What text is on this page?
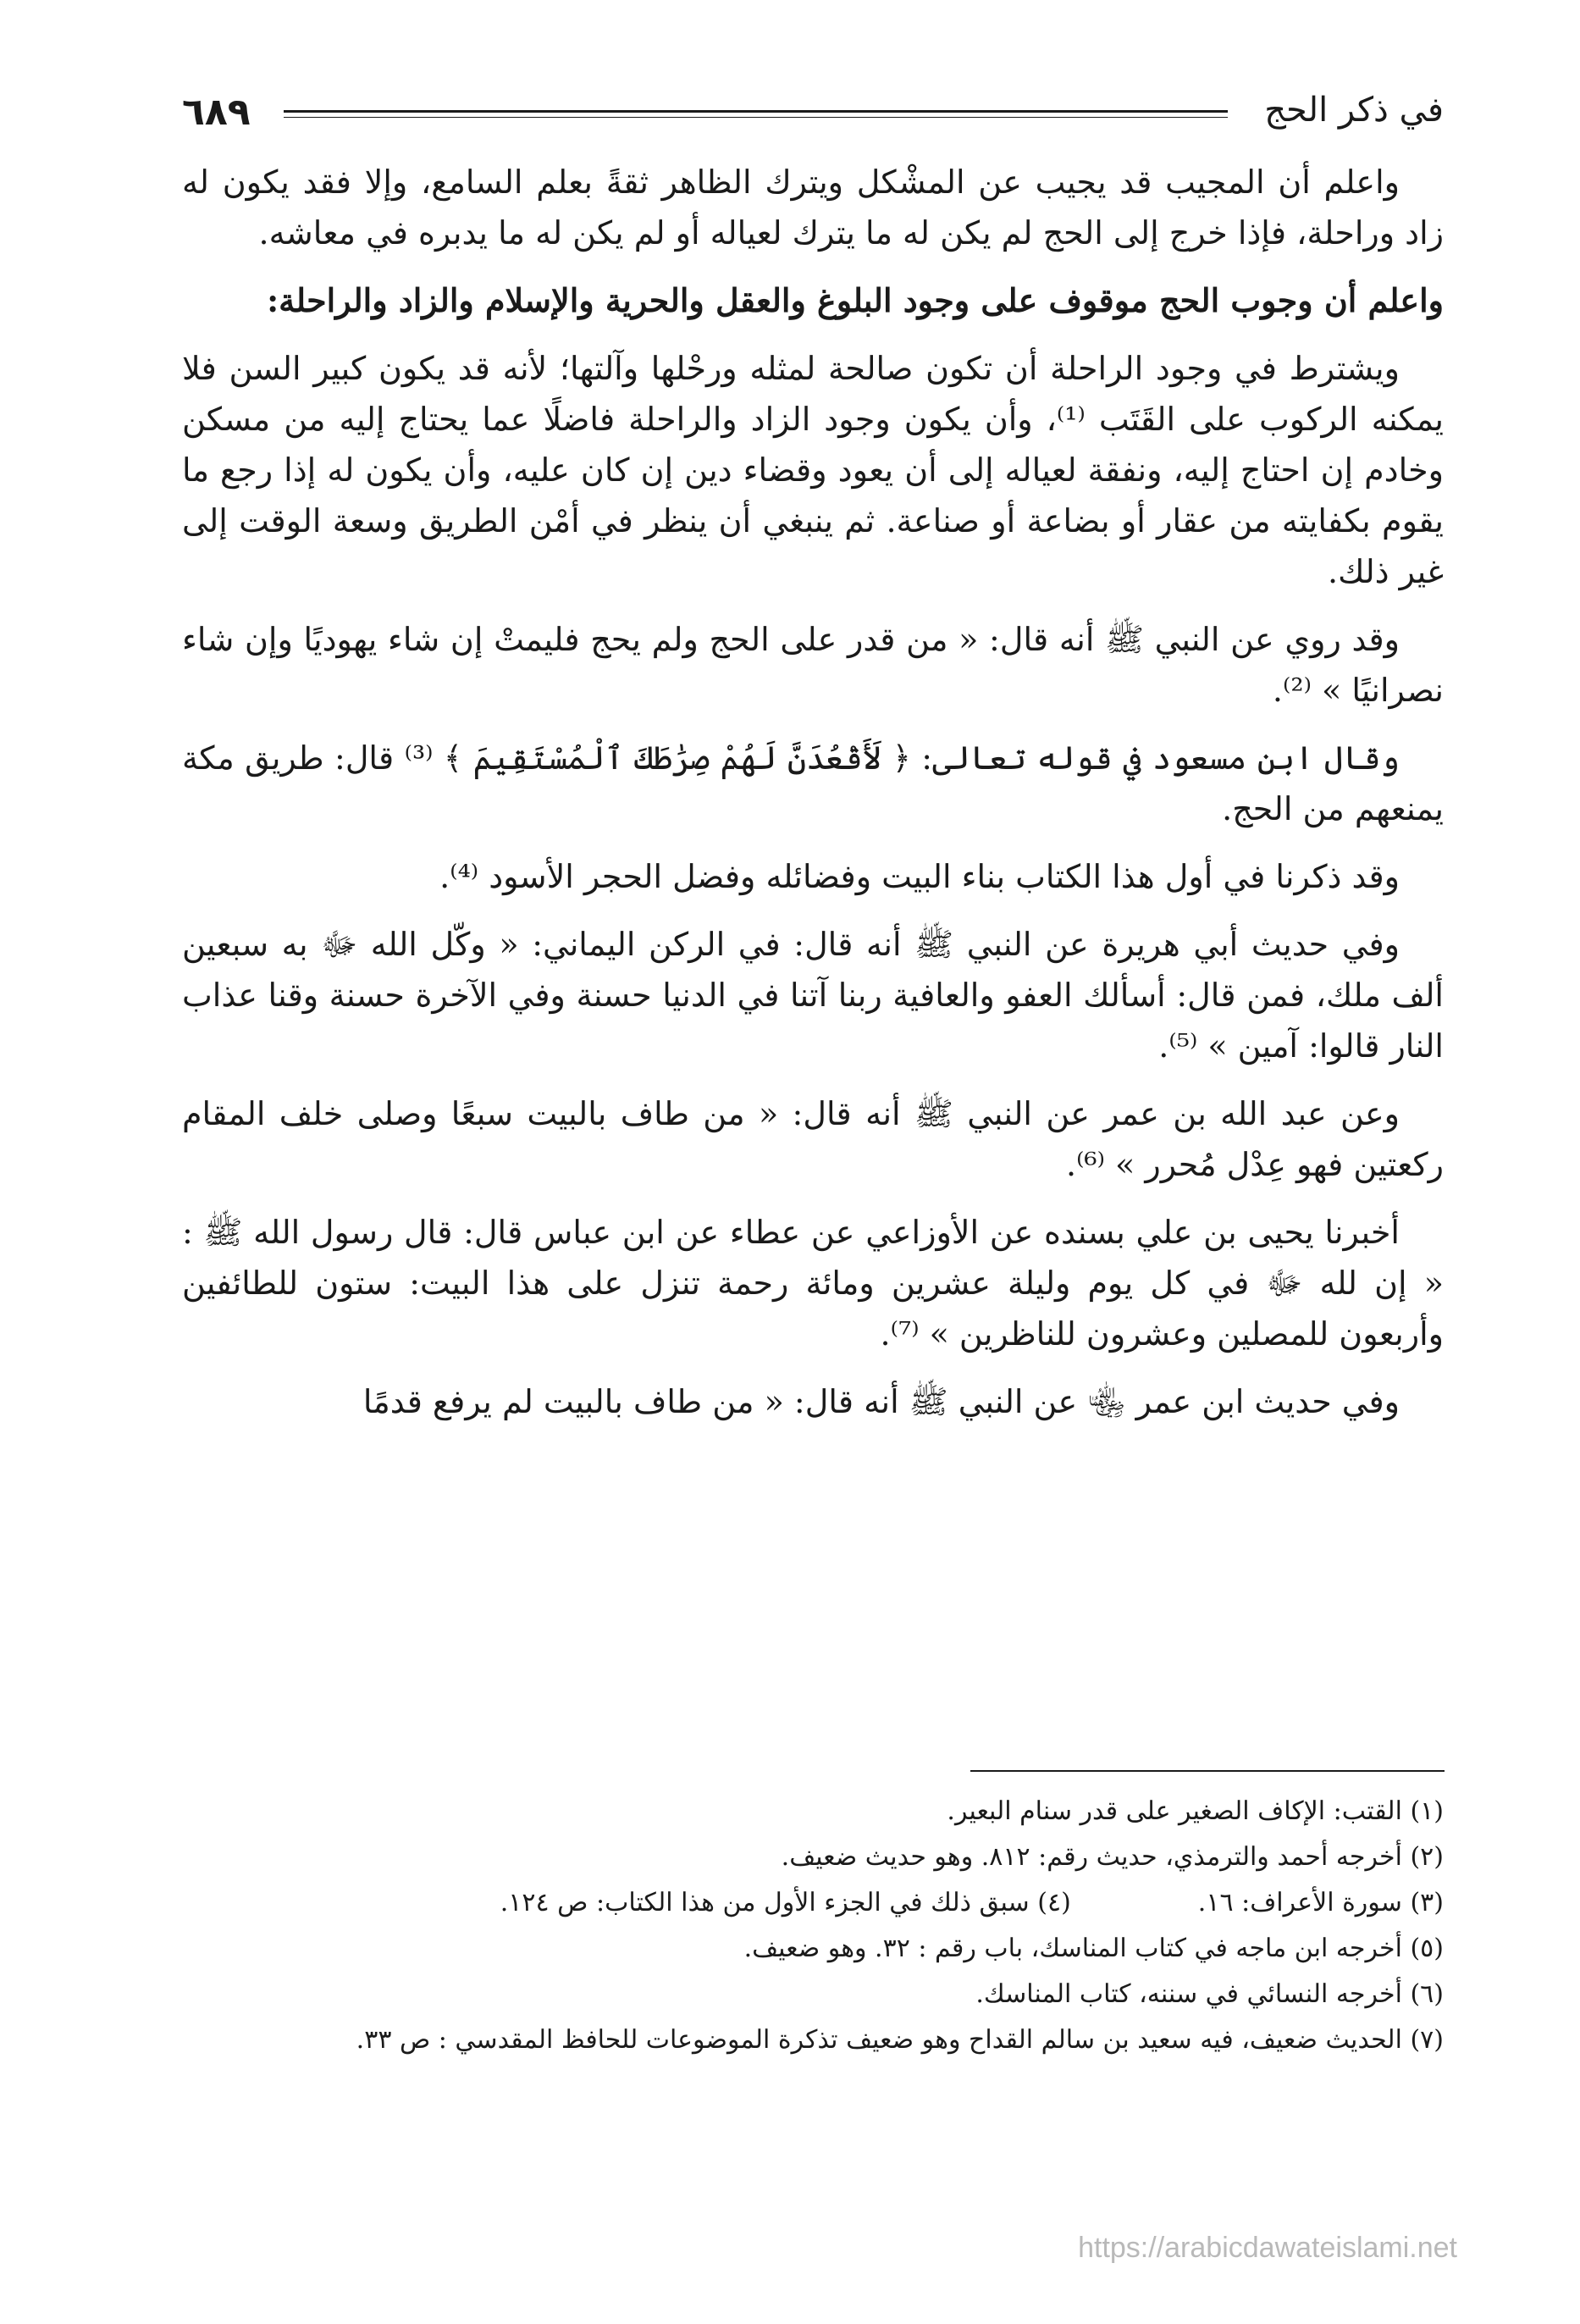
٦٨٩	في ذكر الحج

واعلم أن المجيب قد يجيب عن المشْكل ويترك الظاهر ثقةً بعلم السامع، وإلا فقد يكون له زاد وراحلة، فإذا خرج إلى الحج لم يكن له ما يترك لعياله أو لم يكن له ما يدبره في معاشه.

واعلم أن وجوب الحج موقوف على وجود البلوغ والعقل والحرية والإسلام والزاد والراحلة:

ويشترط في وجود الراحلة أن تكون صالحة لمثله ورحْلها وآلتها؛ لأنه قد يكون كبير السن فلا يمكنه الركوب على القَتَب ⁽¹⁾، وأن يكون وجود الزاد والراحلة فاضلًا عما يحتاج إليه من مسكن وخادم إن احتاج إليه، ونفقة لعياله إلى أن يعود وقضاء دين إن كان عليه، وأن يكون له إذا رجع ما يقوم بكفايته من عقار أو بضاعة أو صناعة. ثم ينبغي أن ينظر في أمْن الطريق وسعة الوقت إلى غير ذلك.

وقد روي عن النبي ﷺ أنه قال: « من قدر على الحج ولم يحج فليمتْ إن شاء يهوديًا وإن شاء نصرانيًا » ⁽²⁾.

وقال ابن مسعود في قوله تعالى: ﴿ لَأَقْعُدَنَّ لَهُمْ صِرَٰطَكَ ٱلْمُسْتَقِيمَ ﴾ ⁽³⁾ قال: طريق مكة يمنعهم من الحج.

وقد ذكرنا في أول هذا الكتاب بناء البيت وفضائله وفضل الحجر الأسود ⁽⁴⁾.

وفي حديث أبي هريرة عن النبي ﷺ أنه قال: في الركن اليماني: « وكّل الله ﷻ به سبعين ألف ملك، فمن قال: أسألك العفو والعافية ربنا آتنا في الدنيا حسنة وفي الآخرة حسنة وقنا عذاب النار قالوا: آمين » ⁽⁵⁾.

وعن عبد الله بن عمر عن النبي ﷺ أنه قال: « من طاف بالبيت سبعًا وصلى خلف المقام ركعتين فهو عِدْل مُحرر » ⁽⁶⁾.

أخبرنا يحيى بن علي بسنده عن الأوزاعي عن عطاء عن ابن عباس قال: قال رسول الله ﷺ : « إن لله ﷻ في كل يوم وليلة عشرين ومائة رحمة تنزل على هذا البيت: ستون للطائفين وأربعون للمصلين وعشرون للناظرين » ⁽⁷⁾.

وفي حديث ابن عمر ﵄ عن النبي ﷺ أنه قال: « من طاف بالبيت لم يرفع قدمًا

(١) القتب: الإكاف الصغير على قدر سنام البعير.

(٢) أخرجه أحمد والترمذي، حديث رقم: ٨١٢. وهو حديث ضعيف.

(٣) سورة الأعراف: ١٦.

(٤) سبق ذلك في الجزء الأول من هذا الكتاب: ص ١٢٤.

(٥) أخرجه ابن ماجه في كتاب المناسك، باب رقم : ٣٢. وهو ضعيف.

(٦) أخرجه النسائي في سننه، كتاب المناسك.

(٧) الحديث ضعيف، فيه سعيد بن سالم القداح وهو ضعيف تذكرة الموضوعات للحافظ المقدسي : ص ٣٣.

https://arabicdawateislami.net
